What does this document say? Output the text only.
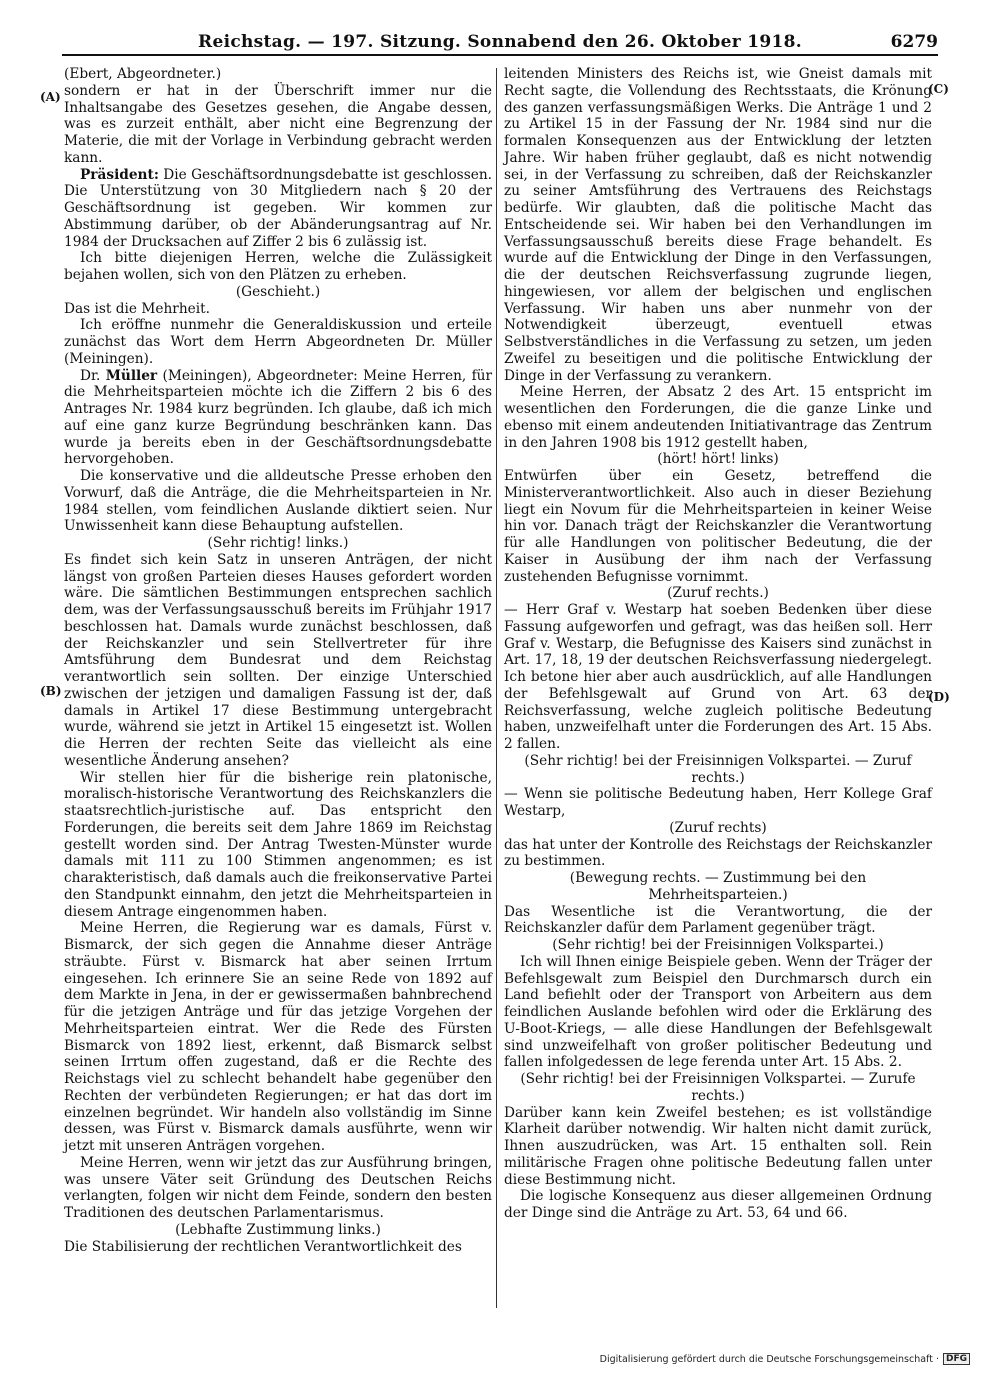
Reichstag. — 197. Sitzung. Sonnabend den 26. Oktober 1918.	6279
(A)
(B)
(C)
(D)

(Ebert, Abgeordneter.)

sondern er hat in der Überschrift immer nur die Inhaltsangabe des Gesetzes gesehen, die Angabe dessen, was es zurzeit enthält, aber nicht eine Begrenzung der Materie, die mit der Vorlage in Verbindung gebracht werden kann.

Präsident: Die Geschäftsordnungsdebatte ist geschlossen. Die Unterstützung von 30 Mitgliedern nach § 20 der Geschäftsordnung ist gegeben. Wir kommen zur Abstimmung darüber, ob der Abänderungsantrag auf Nr. 1984 der Drucksachen auf Ziffer 2 bis 6 zulässig ist.

Ich bitte diejenigen Herren, welche die Zulässigkeit bejahen wollen, sich von den Plätzen zu erheben.

(Geschieht.)

Das ist die Mehrheit.

Ich eröffne nunmehr die Generaldiskussion und erteile zunächst das Wort dem Herrn Abgeordneten Dr. Müller (Meiningen).

Dr. Müller (Meiningen), Abgeordneter: Meine Herren, für die Mehrheitsparteien möchte ich die Ziffern 2 bis 6 des Antrages Nr. 1984 kurz begründen. Ich glaube, daß ich mich auf eine ganz kurze Begründung beschränken kann. Das wurde ja bereits eben in der Geschäftsordnungsdebatte hervorgehoben.

Die konservative und die alldeutsche Presse erhoben den Vorwurf, daß die Anträge, die die Mehrheitsparteien in Nr. 1984 stellen, vom feindlichen Auslande diktiert seien. Nur Unwissenheit kann diese Behauptung aufstellen.

(Sehr richtig! links.)

Es findet sich kein Satz in unseren Anträgen, der nicht längst von großen Parteien dieses Hauses gefordert worden wäre. Die sämtlichen Bestimmungen entsprechen sachlich dem, was der Verfassungsausschuß bereits im Frühjahr 1917 beschlossen hat. Damals wurde zunächst beschlossen, daß der Reichskanzler und sein Stellvertreter für ihre Amtsführung dem Bundesrat und dem Reichstag verantwortlich sein sollten. Der einzige Unterschied zwischen der jetzigen und damaligen Fassung ist der, daß damals in Artikel 17 diese Bestimmung untergebracht wurde, während sie jetzt in Artikel 15 eingesetzt ist. Wollen die Herren der rechten Seite das vielleicht als eine wesentliche Änderung ansehen?

Wir stellen hier für die bisherige rein platonische, moralisch-historische Verantwortung des Reichskanzlers die staatsrechtlich-juristische auf. Das entspricht den Forderungen, die bereits seit dem Jahre 1869 im Reichstag gestellt worden sind. Der Antrag Twesten-Münster wurde damals mit 111 zu 100 Stimmen angenommen; es ist charakteristisch, daß damals auch die freikonservative Partei den Standpunkt einnahm, den jetzt die Mehrheitsparteien in diesem Antrage eingenommen haben.

Meine Herren, die Regierung war es damals, Fürst v. Bismarck, der sich gegen die Annahme dieser Anträge sträubte. Fürst v. Bismarck hat aber seinen Irrtum eingesehen. Ich erinnere Sie an seine Rede von 1892 auf dem Markte in Jena, in der er gewissermaßen bahnbrechend für die jetzigen Anträge und für das jetzige Vorgehen der Mehrheitsparteien eintrat. Wer die Rede des Fürsten Bismarck von 1892 liest, erkennt, daß Bismarck selbst seinen Irrtum offen zugestand, daß er die Rechte des Reichstags viel zu schlecht behandelt habe gegenüber den Rechten der verbündeten Regierungen; er hat das dort im einzelnen begründet. Wir handeln also vollständig im Sinne dessen, was Fürst v. Bismarck damals ausführte, wenn wir jetzt mit unseren Anträgen vorgehen.

Meine Herren, wenn wir jetzt das zur Ausführung bringen, was unsere Väter seit Gründung des Deutschen Reichs verlangten, folgen wir nicht dem Feinde, sondern den besten Traditionen des deutschen Parlamentarismus.

(Lebhafte Zustimmung links.)

Die Stabilisierung der rechtlichen Verantwortlichkeit des

leitenden Ministers des Reichs ist, wie Gneist damals mit Recht sagte, die Vollendung des Rechtsstaats, die Krönung des ganzen verfassungsmäßigen Werks. Die Anträge 1 und 2 zu Artikel 15 in der Fassung der Nr. 1984 sind nur die formalen Konsequenzen aus der Entwicklung der letzten Jahre. Wir haben früher geglaubt, daß es nicht notwendig sei, in der Verfassung zu schreiben, daß der Reichskanzler zu seiner Amtsführung des Vertrauens des Reichstags bedürfe. Wir glaubten, daß die politische Macht das Entscheidende sei. Wir haben bei den Verhandlungen im Verfassungsausschuß bereits diese Frage behandelt. Es wurde auf die Entwicklung der Dinge in den Verfassungen, die der deutschen Reichsverfassung zugrunde liegen, hingewiesen, vor allem der belgischen und englischen Verfassung. Wir haben uns aber nunmehr von der Notwendigkeit überzeugt, eventuell etwas Selbstverständliches in die Verfassung zu setzen, um jeden Zweifel zu beseitigen und die politische Entwicklung der Dinge in der Verfassung zu verankern.

Meine Herren, der Absatz 2 des Art. 15 entspricht im wesentlichen den Forderungen, die die ganze Linke und ebenso mit einem andeutenden Initiativantrage das Zentrum in den Jahren 1908 bis 1912 gestellt haben,

(hört! hört! links)

Entwürfen über ein Gesetz, betreffend die Ministerverantwortlichkeit. Also auch in dieser Beziehung liegt ein Novum für die Mehrheitsparteien in keiner Weise hin vor. Danach trägt der Reichskanzler die Verantwortung für alle Handlungen von politischer Bedeutung, die der Kaiser in Ausübung der ihm nach der Verfassung zustehenden Befugnisse vornimmt.

(Zuruf rechts.)

— Herr Graf v. Westarp hat soeben Bedenken über diese Fassung aufgeworfen und gefragt, was das heißen soll. Herr Graf v. Westarp, die Befugnisse des Kaisers sind zunächst in Art. 17, 18, 19 der deutschen Reichsverfassung niedergelegt. Ich betone hier aber auch ausdrücklich, auf alle Handlungen der Befehlsgewalt auf Grund von Art. 63 der Reichsverfassung, welche zugleich politische Bedeutung haben, unzweifelhaft unter die Forderungen des Art. 15 Abs. 2 fallen.

(Sehr richtig! bei der Freisinnigen Volkspartei. — Zuruf rechts.)

— Wenn sie politische Bedeutung haben, Herr Kollege Graf Westarp,

(Zuruf rechts)

das hat unter der Kontrolle des Reichstags der Reichskanzler zu bestimmen.

(Bewegung rechts. — Zustimmung bei den Mehrheitsparteien.)

Das Wesentliche ist die Verantwortung, die der Reichskanzler dafür dem Parlament gegenüber trägt.

(Sehr richtig! bei der Freisinnigen Volkspartei.)

Ich will Ihnen einige Beispiele geben. Wenn der Träger der Befehlsgewalt zum Beispiel den Durchmarsch durch ein Land befiehlt oder der Transport von Arbeitern aus dem feindlichen Auslande befohlen wird oder die Erklärung des U-Boot-Kriegs, — alle diese Handlungen der Befehlsgewalt sind unzweifelhaft von großer politischer Bedeutung und fallen infolgedessen de lege ferenda unter Art. 15 Abs. 2.

(Sehr richtig! bei der Freisinnigen Volkspartei. — Zurufe rechts.)

Darüber kann kein Zweifel bestehen; es ist vollständige Klarheit darüber notwendig. Wir halten nicht damit zurück, Ihnen auszudrücken, was Art. 15 enthalten soll. Rein militärische Fragen ohne politische Bedeutung fallen unter diese Bestimmung nicht.

Die logische Konsequenz aus dieser allgemeinen Ordnung der Dinge sind die Anträge zu Art. 53, 64 und 66.

Digitalisierung gefördert durch die Deutsche Forschungsgemeinschaft · DFG
